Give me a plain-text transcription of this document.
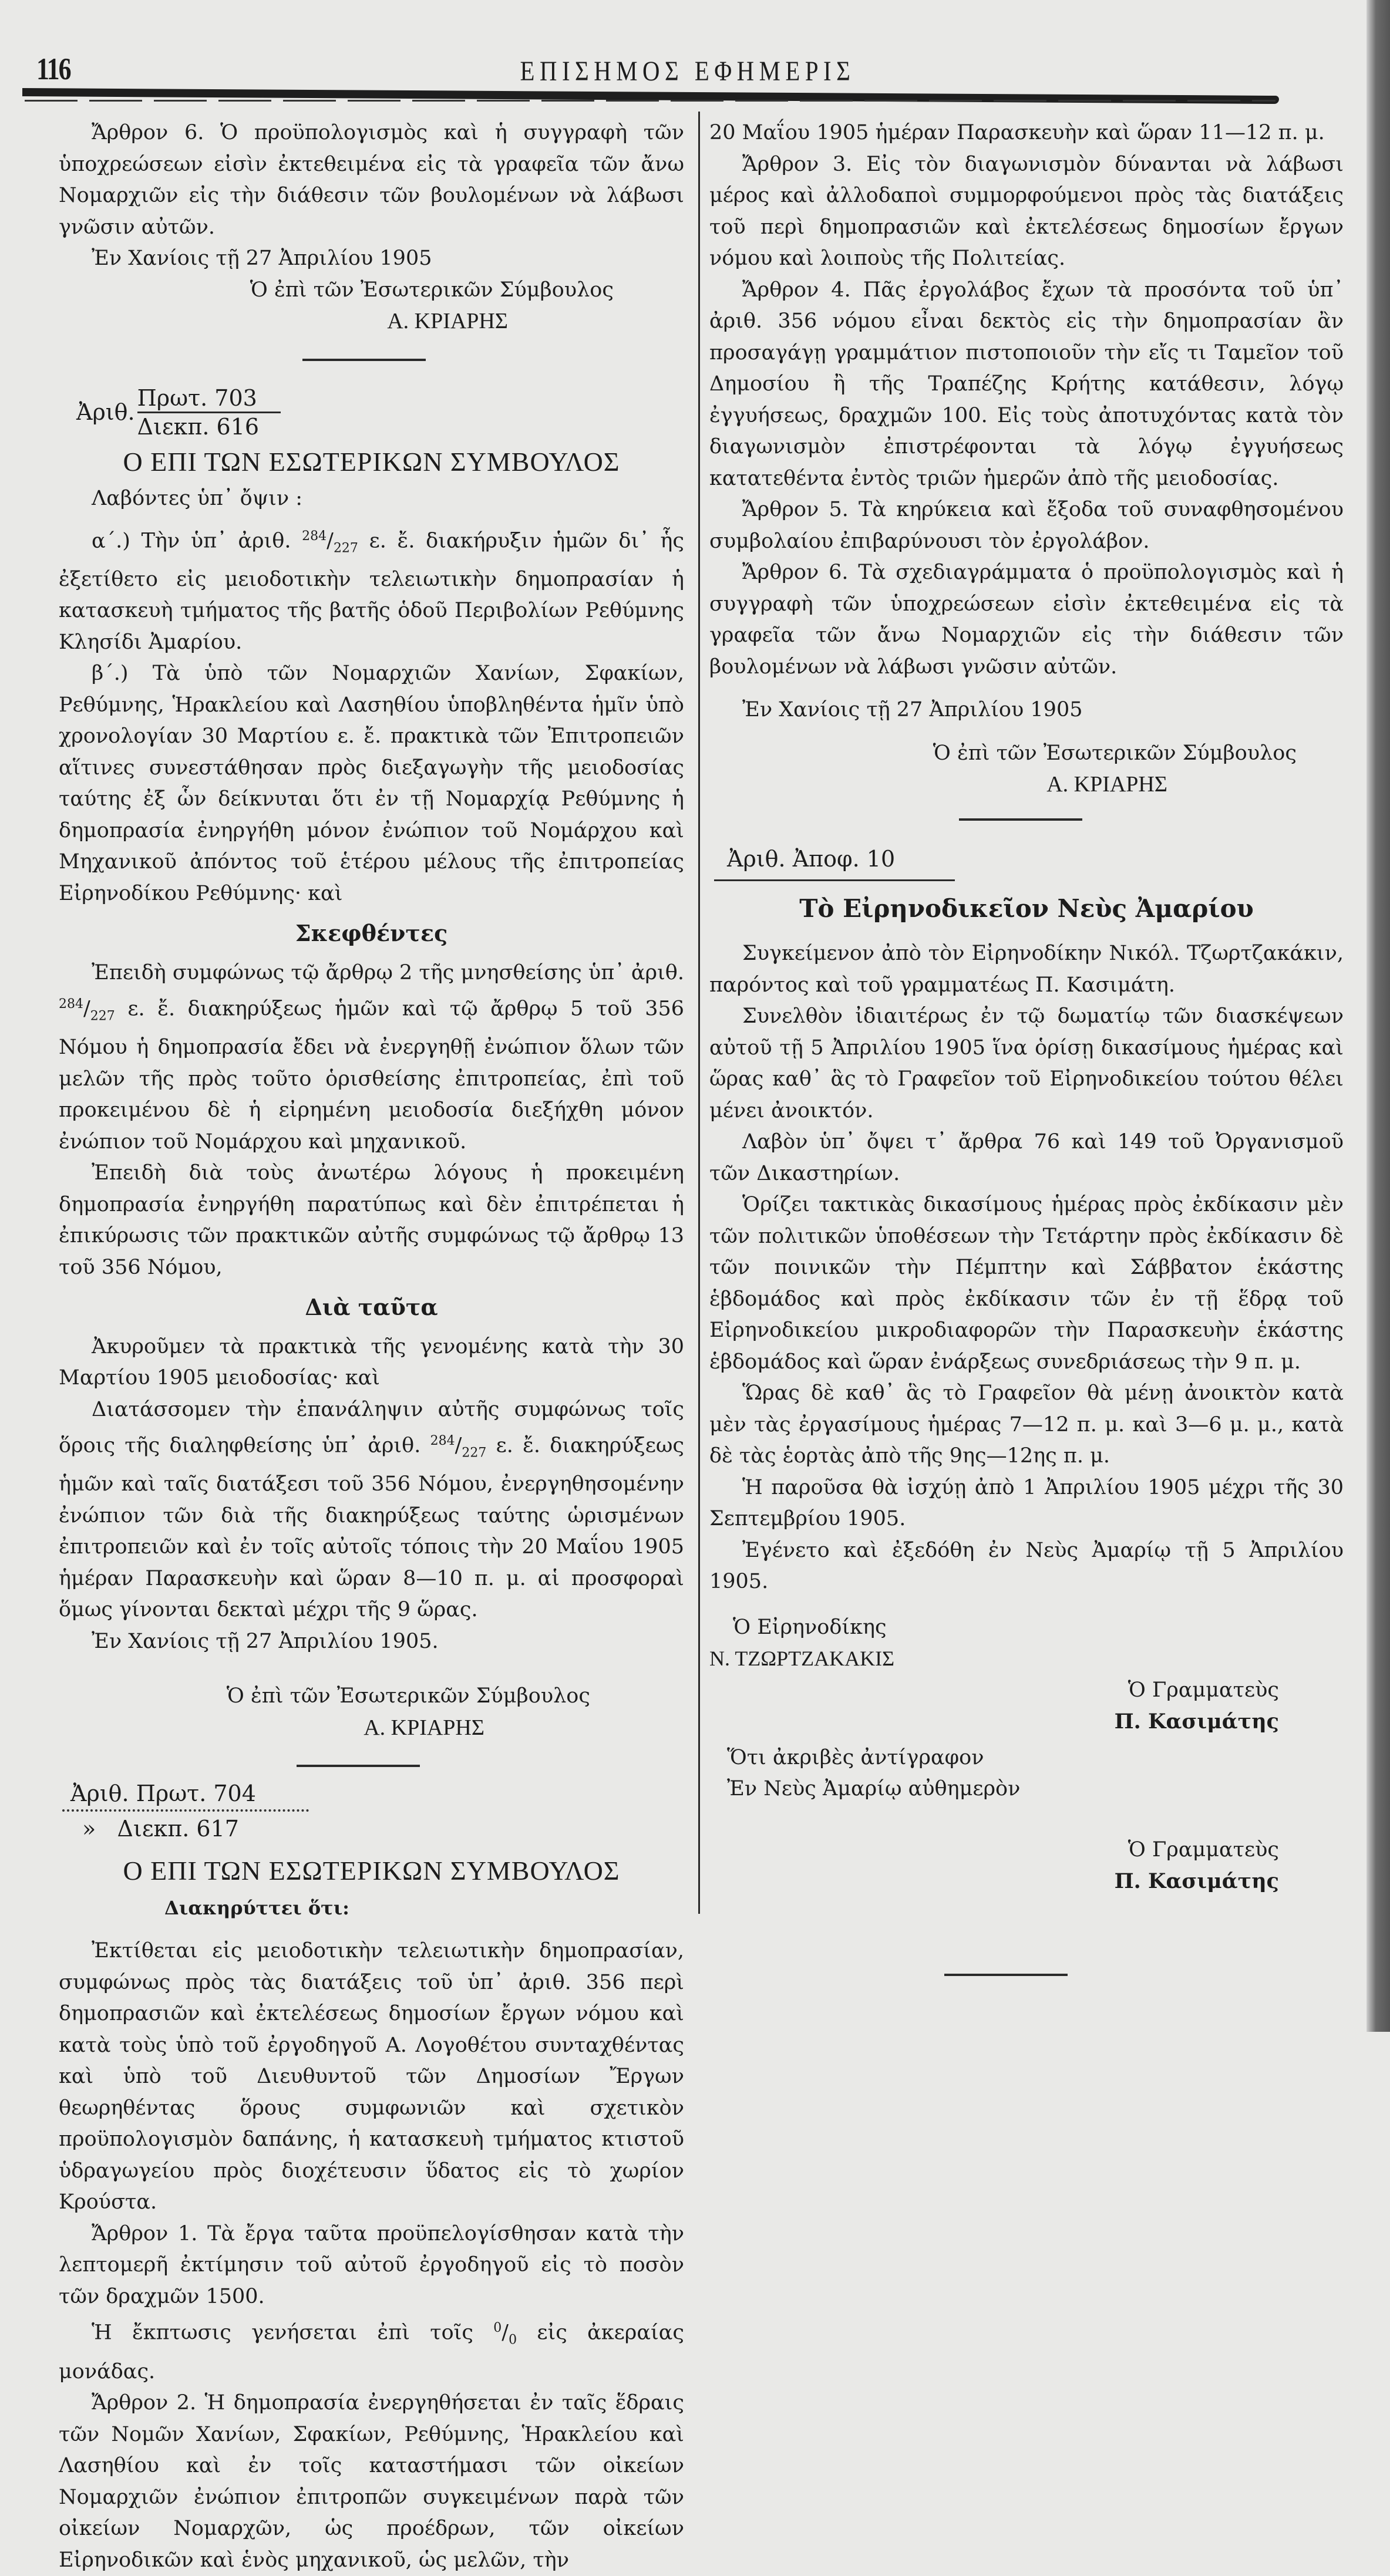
116	ΕΠΙΣΗΜΟΣ ΕΦΗΜΕΡΙΣ

Ἄρθρον 6. Ὁ προϋπολογισμὸς καὶ ἡ συγγραφὴ τῶν ὑποχρεώσεων εἰσὶν ἐκτεθειμένα εἰς τὰ γραφεῖα τῶν ἄνω Νομαρχιῶν εἰς τὴν διάθεσιν τῶν βουλομένων νὰ λάβωσι γνῶσιν αὐτῶν.

Ἐν Χανίοις τῇ 27 Ἀπριλίου 1905

Ὁ ἐπὶ τῶν Ἐσωτερικῶν Σύμβουλος
Α. ΚΡΙΑΡΗΣ
Ἀριθ. $\frac{\text{Πρωτ. 703}}{\text{Διεκπ. 616}}$
Ο ΕΠΙ ΤΩΝ ΕΣΩΤΕΡΙΚΩΝ ΣΥΜΒΟΥΛΟΣ

Λαβόντες ὑπ᾽ ὄψιν :

α΄.) Τὴν ὑπ᾽ ἀριθ. $^{284}/_{227}$ ε. ἔ. διακήρυξιν ἡμῶν δι᾽ ἧς ἐξετίθετο εἰς μειοδοτικὴν τελειωτικὴν δημοπρασίαν ἡ κατασκευὴ τμήματος τῆς βατῆς ὁδοῦ Περιβολίων Ρεθύμνης Κλησίδι Ἀμαρίου.

β΄.) Τὰ ὑπὸ τῶν Νομαρχιῶν Χανίων, Σφακίων, Ρεθύμνης, Ἡρακλείου καὶ Λασηθίου ὑποβληθέντα ἡμῖν ὑπὸ χρονολογίαν 30 Μαρτίου ε. ἔ. πρακτικὰ τῶν Ἐπιτροπειῶν αἵτινες συνεστάθησαν πρὸς διεξαγωγὴν τῆς μειοδοσίας ταύτης ἐξ ὧν δείκνυται ὅτι ἐν τῇ Νομαρχίᾳ Ρεθύμνης ἡ δημοπρασία ἐνηργήθη μόνον ἐνώπιον τοῦ Νομάρχου καὶ Μηχανικοῦ ἀπόντος τοῦ ἑτέρου μέλους τῆς ἐπιτροπείας Εἰρηνοδίκου Ρεθύμνης· καὶ

Σκεφθέντες

Ἐπειδὴ συμφώνως τῷ ἄρθρῳ 2 τῆς μνησθείσης ὑπ᾽ ἀριθ. $^{284}/_{227}$ ε. ἔ. διακηρύξεως ἡμῶν καὶ τῷ ἄρθρῳ 5 τοῦ 356 Νόμου ἡ δημοπρασία ἔδει νὰ ἐνεργηθῇ ἐνώπιον ὅλων τῶν μελῶν τῆς πρὸς τοῦτο ὁρισθείσης ἐπιτροπείας, ἐπὶ τοῦ προκειμένου δὲ ἡ εἰρημένη μειοδοσία διεξήχθη μόνον ἐνώπιον τοῦ Νομάρχου καὶ μηχανικοῦ.

Ἐπειδὴ διὰ τοὺς ἀνωτέρω λόγους ἡ προκειμένη δημοπρασία ἐνηργήθη παρατύπως καὶ δὲν ἐπιτρέπεται ἡ ἐπικύρωσις τῶν πρακτικῶν αὐτῆς συμφώνως τῷ ἄρθρῳ 13 τοῦ 356 Νόμου,

Διὰ ταῦτα

Ἀκυροῦμεν τὰ πρακτικὰ τῆς γενομένης κατὰ τὴν 30 Μαρτίου 1905 μειοδοσίας· καὶ

Διατάσσομεν τὴν ἐπανάληψιν αὐτῆς συμφώνως τοῖς ὅροις τῆς διαληφθείσης ὑπ᾽ ἀριθ. $^{284}/_{227}$ ε. ἔ. διακηρύξεως ἡμῶν καὶ ταῖς διατάξεσι τοῦ 356 Νόμου, ἐνεργηθησομένην ἐνώπιον τῶν διὰ τῆς διακηρύξεως ταύτης ὡρισμένων ἐπιτροπειῶν καὶ ἐν τοῖς αὐτοῖς τόποις τὴν 20 Μαΐου 1905 ἡμέραν Παρασκευὴν καὶ ὥραν 8—10 π. μ. αἱ προσφοραὶ ὅμως γίνονται δεκταὶ μέχρι τῆς 9 ὥρας.

Ἐν Χανίοις τῇ 27 Ἀπριλίου 1905.

Ὁ ἐπὶ τῶν Ἐσωτερικῶν Σύμβουλος
Α. ΚΡΙΑΡΗΣ
Ἀριθ. Πρωτ. 704
» Διεκπ. 617
Ο ΕΠΙ ΤΩΝ ΕΣΩΤΕΡΙΚΩΝ ΣΥΜΒΟΥΛΟΣ

Διακηρύττει ὅτι:

Ἐκτίθεται εἰς μειοδοτικὴν τελειωτικὴν δημοπρασίαν, συμφώνως πρὸς τὰς διατάξεις τοῦ ὑπ᾽ ἀριθ. 356 περὶ δημοπρασιῶν καὶ ἐκτελέσεως δημοσίων ἔργων νόμου καὶ κατὰ τοὺς ὑπὸ τοῦ ἐργοδηγοῦ Α. Λογοθέτου συνταχθέντας καὶ ὑπὸ τοῦ Διευθυντοῦ τῶν Δημοσίων Ἔργων θεωρηθέντας ὅρους συμφωνιῶν καὶ σχετικὸν προϋπολογισμὸν δαπάνης, ἡ κατασκευὴ τμήματος κτιστοῦ ὑδραγωγείου πρὸς διοχέτευσιν ὕδατος εἰς τὸ χωρίον Κρούστα.

Ἄρθρον 1. Τὰ ἔργα ταῦτα προϋπελογίσθησαν κατὰ τὴν λεπτομερῆ ἐκτίμησιν τοῦ αὐτοῦ ἐργοδηγοῦ εἰς τὸ ποσὸν τῶν δραχμῶν 1500.

Ἡ ἔκπτωσις γενήσεται ἐπὶ τοῖς $^0/_0$ εἰς ἀκεραίας μονάδας.

Ἄρθρον 2. Ἡ δημοπρασία ἐνεργηθήσεται ἐν ταῖς ἕδραις τῶν Νομῶν Χανίων, Σφακίων, Ρεθύμνης, Ἡρακλείου καὶ Λασηθίου καὶ ἐν τοῖς καταστήμασι τῶν οἰκείων Νομαρχιῶν ἐνώπιον ἐπιτροπῶν συγκειμένων παρὰ τῶν οἰκείων Νομαρχῶν, ὡς προέδρων, τῶν οἰκείων Εἰρηνοδικῶν καὶ ἑνὸς μηχανικοῦ, ὡς μελῶν, τὴν

20 Μαΐου 1905 ἡμέραν Παρασκευὴν καὶ ὥραν 11—12 π. μ.

Ἄρθρον 3. Εἰς τὸν διαγωνισμὸν δύνανται νὰ λάβωσι μέρος καὶ ἀλλοδαποὶ συμμορφούμενοι πρὸς τὰς διατάξεις τοῦ περὶ δημοπρασιῶν καὶ ἐκτελέσεως δημοσίων ἔργων νόμου καὶ λοιποὺς τῆς Πολιτείας.

Ἄρθρον 4. Πᾶς ἐργολάβος ἔχων τὰ προσόντα τοῦ ὑπ᾽ ἀριθ. 356 νόμου εἶναι δεκτὸς εἰς τὴν δημοπρασίαν ἂν προσαγάγῃ γραμμάτιον πιστοποιοῦν τὴν εἴς τι Ταμεῖον τοῦ Δημοσίου ἢ τῆς Τραπέζης Κρήτης κατάθεσιν, λόγῳ ἐγγυήσεως, δραχμῶν 100. Εἰς τοὺς ἀποτυχόντας κατὰ τὸν διαγωνισμὸν ἐπιστρέφονται τὰ λόγῳ ἐγγυήσεως κατατεθέντα ἐντὸς τριῶν ἡμερῶν ἀπὸ τῆς μειοδοσίας.

Ἄρθρον 5. Τὰ κηρύκεια καὶ ἔξοδα τοῦ συναφθησομένου συμβολαίου ἐπιβαρύνουσι τὸν ἐργολάβον.

Ἄρθρον 6. Τὰ σχεδιαγράμματα ὁ προϋπολογισμὸς καὶ ἡ συγγραφὴ τῶν ὑποχρεώσεων εἰσὶν ἐκτεθειμένα εἰς τὰ γραφεῖα τῶν ἄνω Νομαρχιῶν εἰς τὴν διάθεσιν τῶν βουλομένων νὰ λάβωσι γνῶσιν αὐτῶν.

Ἐν Χανίοις τῇ 27 Ἀπριλίου 1905

Ὁ ἐπὶ τῶν Ἐσωτερικῶν Σύμβουλος
Α. ΚΡΙΑΡΗΣ
Ἀριθ. Ἀποφ. 10
Τὸ Εἰρηνοδικεῖον Νεὺς Ἀμαρίου

Συγκείμενον ἀπὸ τὸν Εἰρηνοδίκην Νικόλ. Τζωρτζακάκιν, παρόντος καὶ τοῦ γραμματέως Π. Κασιμάτη.

Συνελθὸν ἰδιαιτέρως ἐν τῷ δωματίῳ τῶν διασκέψεων αὐτοῦ τῇ 5 Ἀπριλίου 1905 ἵνα ὁρίσῃ δικασίμους ἡμέρας καὶ ὥρας καθ᾽ ἃς τὸ Γραφεῖον τοῦ Εἰρηνοδικείου τούτου θέλει μένει ἀνοικτόν.

Λαβὸν ὑπ᾽ ὄψει τ᾽ ἄρθρα 76 καὶ 149 τοῦ Ὀργανισμοῦ τῶν Δικαστηρίων.

Ὁρίζει τακτικὰς δικασίμους ἡμέρας πρὸς ἐκδίκασιν μὲν τῶν πολιτικῶν ὑποθέσεων τὴν Τετάρτην πρὸς ἐκδίκασιν δὲ τῶν ποινικῶν τὴν Πέμπτην καὶ Σάββατον ἑκάστης ἑβδομάδος καὶ πρὸς ἐκδίκασιν τῶν ἐν τῇ ἕδρᾳ τοῦ Εἰρηνοδικείου μικροδιαφορῶν τὴν Παρασκευὴν ἑκάστης ἑβδομάδος καὶ ὥραν ἐνάρξεως συνεδριάσεως τὴν 9 π. μ.

Ὥρας δὲ καθ᾽ ἃς τὸ Γραφεῖον θὰ μένῃ ἀνοικτὸν κατὰ μὲν τὰς ἐργασίμους ἡμέρας 7—12 π. μ. καὶ 3—6 μ. μ., κατὰ δὲ τὰς ἑορτὰς ἀπὸ τῆς 9ης—12ης π. μ.

Ἡ παροῦσα θὰ ἰσχύῃ ἀπὸ 1 Ἀπριλίου 1905 μέχρι τῆς 30 Σεπτεμβρίου 1905.

Ἐγένετο καὶ ἐξεδόθη ἐν Νεὺς Ἀμαρίῳ τῇ 5 Ἀπριλίου 1905.

Ὁ Εἰρηνοδίκης
Ν. ΤΖΩΡΤΖΑΚΑΚΙΣ
Ὁ Γραμματεὺς
Π. Κασιμάτης
Ὅτι ἀκριβὲς ἀντίγραφον
Ἐν Νεὺς Ἀμαρίῳ αὐθημερὸν
Ὁ Γραμματεὺς
Π. Κασιμάτης
